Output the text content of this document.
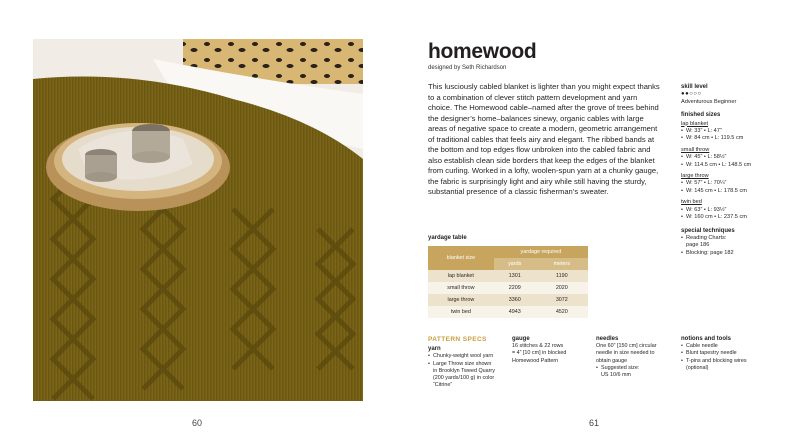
60	61
homewood
designed by Seth Richardson
This lusciously cabled blanket is lighter than you might expect thanks to a combination of clever stitch pattern development and yarn choice. The Homewood cable–named after the grove of trees behind the designer’s home–balances sinewy, organic cables with large areas of negative space to create a modern, geometric arrangement of traditional cables that feels airy and elegant. The ribbed bands at the bottom and top edges flow unbroken into the cabled fabric and also establish clean side borders that keep the edges of the blanket from curling. Worked in a lofty, woolen-spun yarn at a chunky gauge, the fabric is surprisingly light and airy while still having the sturdy, substantial presence of a classic fisherman’s sweater.
yardage table
blanket size	yardage required	
	yards	meters
lap blanket	1301	1190
small throw	2209	2020
large throw	3360	3072
twin bed	4943	4520
skill level
●●○○○
Adventurous Beginner
finished sizes
lap blanket
• W: 33” • L: 47”
• W: 84 cm • L: 119.5 cm
small throw
• W: 45” • L: 58½”
• W: 114.5 cm • L: 148.5 cm
large throw
• W: 57” • L: 70¼”
• W: 145 cm • L: 178.5 cm
twin bed
• W: 63” • L: 93½”
• W: 160 cm • L: 237.5 cm
special techniques
• Reading Charts:
page 186
• Blocking: page 182
PATTERN SPECS
yarn
• Chunky-weight wool yarn
• Large Throw size shown
in Brooklyn Tweed Quarry
(200 yards/100 g) in color
“Citrine”
gauge
16 stitches & 22 rows
= 4” [10 cm] in blocked
Homewood Pattern
needles
One 60” [150 cm] circular
needle in size needed to
obtain gauge
• Suggested size:
US 10/6 mm
notions and tools
• Cable needle
• Blunt tapestry needle
• T-pins and blocking wires
(optional)
